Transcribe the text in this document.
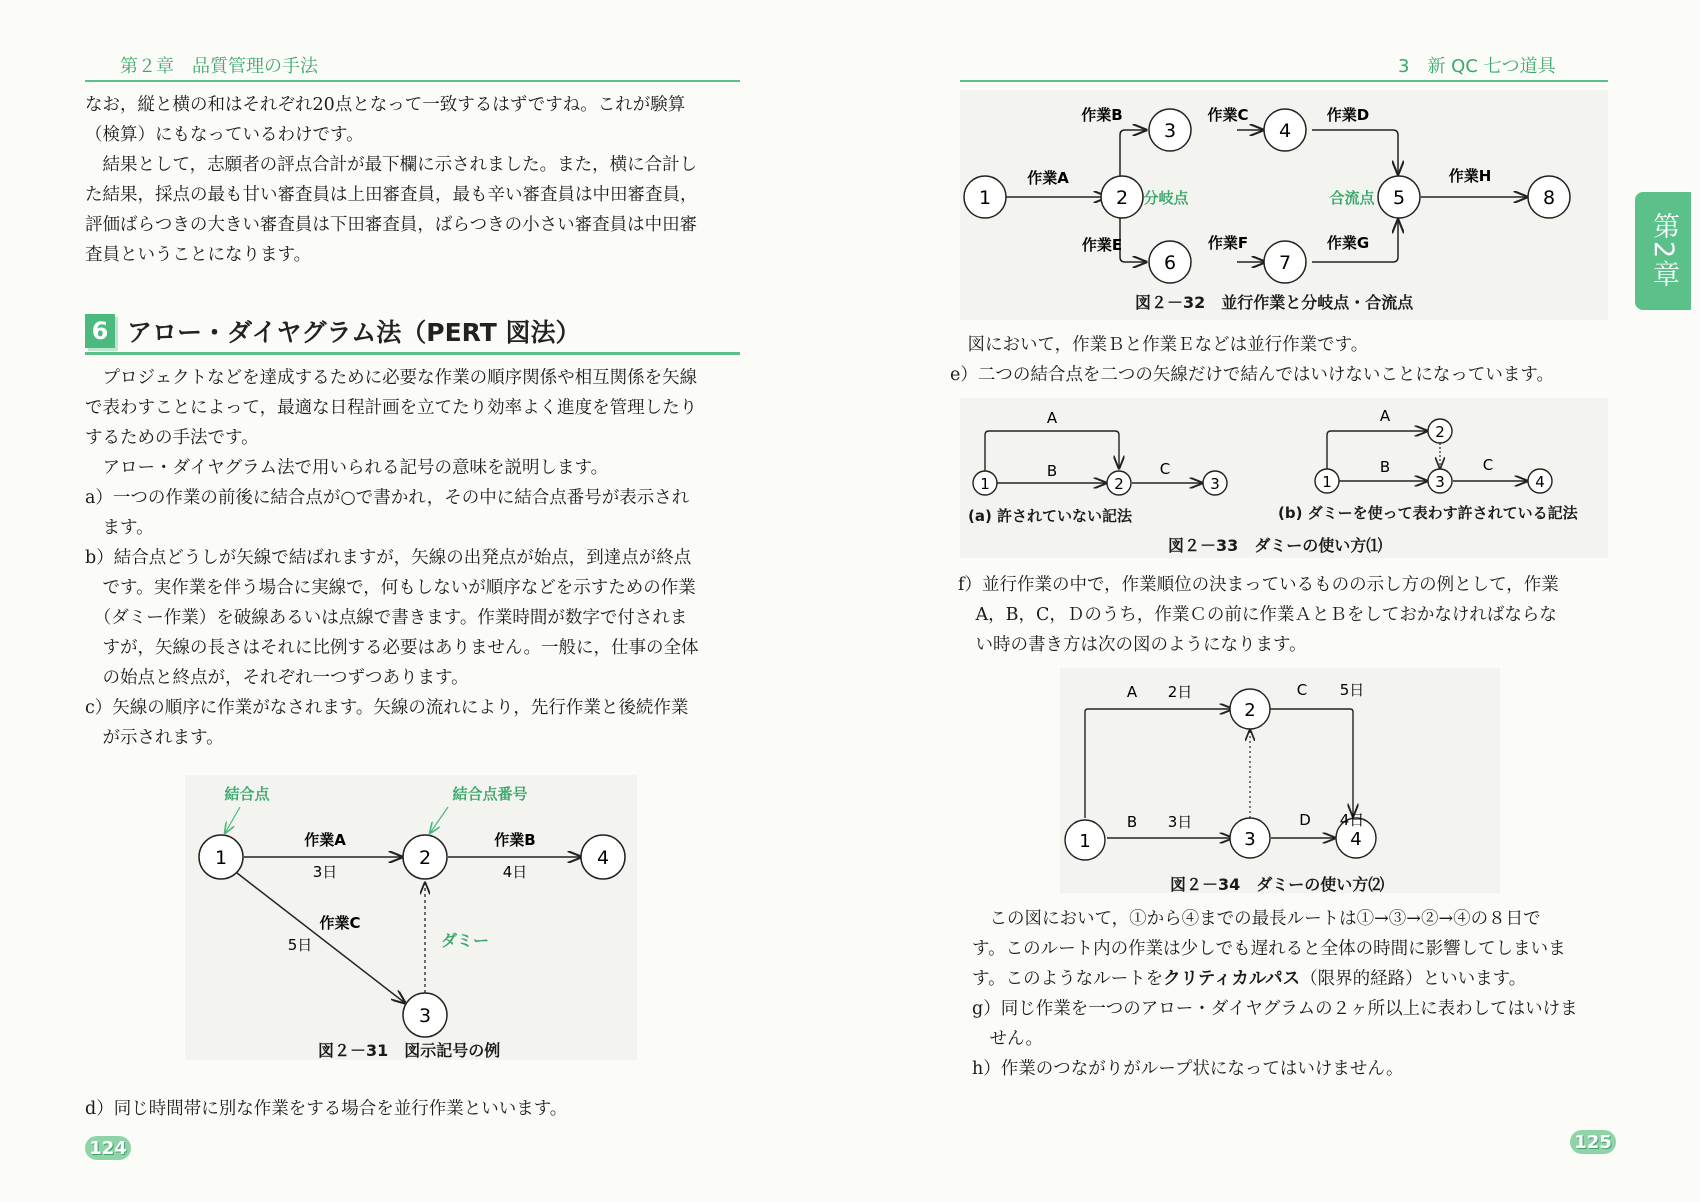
第２章　品質管理の手法
なお，縦と横の和はそれぞれ20点となって一致するはずですね。これが験算
（検算）にもなっているわけです。
　結果として，志願者の評点合計が最下欄に示されました。また，横に合計し
た結果，採点の最も甘い審査員は上田審査員，最も辛い審査員は中田審査員，
評価ばらつきの大きい審査員は下田審査員，ばらつきの小さい審査員は中田審
査員ということになります。
6 アロー・ダイヤグラム法（PERT 図法）
　プロジェクトなどを達成するために必要な作業の順序関係や相互関係を矢線
で表わすことによって，最適な日程計画を立てたり効率よく進度を管理したり
するための手法です。
　アロー・ダイヤグラム法で用いられる記号の意味を説明します。
a）一つの作業の前後に結合点が○で書かれ，その中に結合点番号が表示され
　ます。
b）結合点どうしが矢線で結ばれますが，矢線の出発点が始点，到達点が終点
　です。実作業を伴う場合に実線で，何もしないが順序などを示すための作業
　（ダミー作業）を破線あるいは点線で書きます。作業時間が数字で付されま
　すが，矢線の長さはそれに比例する必要はありません。一般に，仕事の全体
　の始点と終点が，それぞれ一つずつあります。
c）矢線の順序に作業がなされます。矢線の流れにより，先行作業と後続作業
　が示されます。
結合点	結合点番号
1	2
3
4
作業A
3日
作業B
4日
作業C
5日	ダミー
図２－31　図示記号の例
d）同じ時間帯に別な作業をする場合を並行作業といいます。
124
3　新 QC 七つ道具
1	2
3	4
5
6	7
8
作業A
作業B	作業C	作業D
作業E	作業F	作業G
作業H
分岐点	合流点
図２－32　並行作業と分岐点・合流点
　図において，作業Ｂと作業Ｅなどは並行作業です。
e）二つの結合点を二つの矢線だけで結んではいけないことになっています。
1	2	3
A
B	C
1
2
3	4
A
B	C
(a) 許されていない記法	(b) ダミーを使って表わす許されている記法
図２－33　ダミーの使い方⑴
f）並行作業の中で，作業順位の決まっているものの示し方の例として，作業
　A，B，C，Ｄのうち，作業Ｃの前に作業ＡとＢをしておかなければならな
　い時の書き方は次の図のようになります。
1
2
3	4
A 2日	C 5日
B 3日	D 4日
図２－34　ダミーの使い方⑵
　この図において，①から④までの最長ルートは①→③→②→④の８日で
す。このルート内の作業は少しでも遅れると全体の時間に影響してしまいま
す。このようなルートをクリティカルパス（限界的経路）といいます。
g）同じ作業を一つのアロー・ダイヤグラムの２ヶ所以上に表わしてはいけま
　せん。
h）作業のつながりがループ状になってはいけません。
125
第2章
